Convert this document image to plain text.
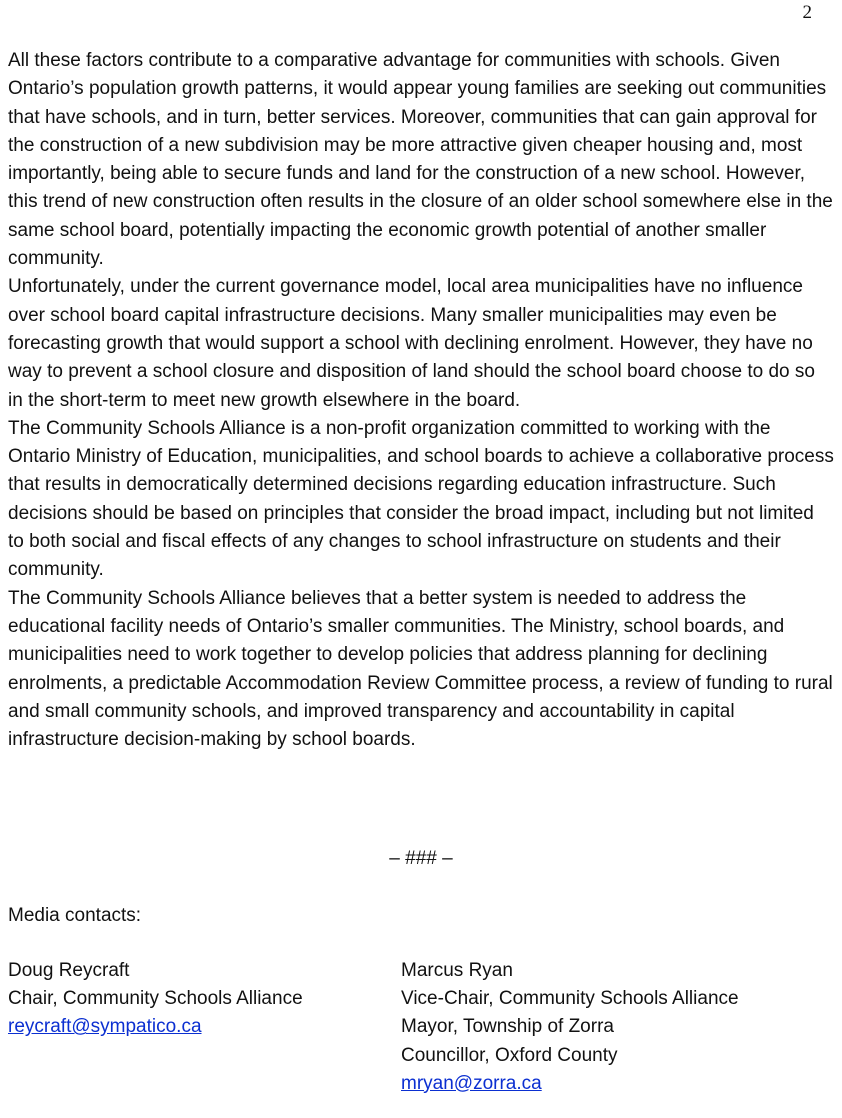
2

All these factors contribute to a comparative advantage for communities with schools. Given Ontario’s population growth patterns, it would appear young families are seeking out communities that have schools, and in turn, better services. Moreover, communities that can gain approval for the construction of a new subdivision may be more attractive given cheaper housing and, most importantly, being able to secure funds and land for the construction of a new school. However, this trend of new construction often results in the closure of an older school somewhere else in the same school board, potentially impacting the economic growth potential of another smaller community.

Unfortunately, under the current governance model, local area municipalities have no influence over school board capital infrastructure decisions. Many smaller municipalities may even be forecasting growth that would support a school with declining enrolment. However, they have no way to prevent a school closure and disposition of land should the school board choose to do so in the short-term to meet new growth elsewhere in the board.

The Community Schools Alliance is a non-profit organization committed to working with the Ontario Ministry of Education, municipalities, and school boards to achieve a collaborative process that results in democratically determined decisions regarding education infrastructure. Such decisions should be based on principles that consider the broad impact, including but not limited to both social and fiscal effects of any changes to school infrastructure on students and their community.

The Community Schools Alliance believes that a better system is needed to address the educational facility needs of Ontario’s smaller communities. The Ministry, school boards, and municipalities need to work together to develop policies that address planning for declining enrolments, a predictable Accommodation Review Committee process, a review of funding to rural and small community schools, and improved transparency and accountability in capital infrastructure decision-making by school boards.

– ### –
Media contacts:
Doug Reycraft
Chair, Community Schools Alliance
reycraft@sympatico.ca
Marcus Ryan
Vice-Chair, Community Schools Alliance
Mayor, Township of Zorra
Councillor, Oxford County
mryan@zorra.ca
